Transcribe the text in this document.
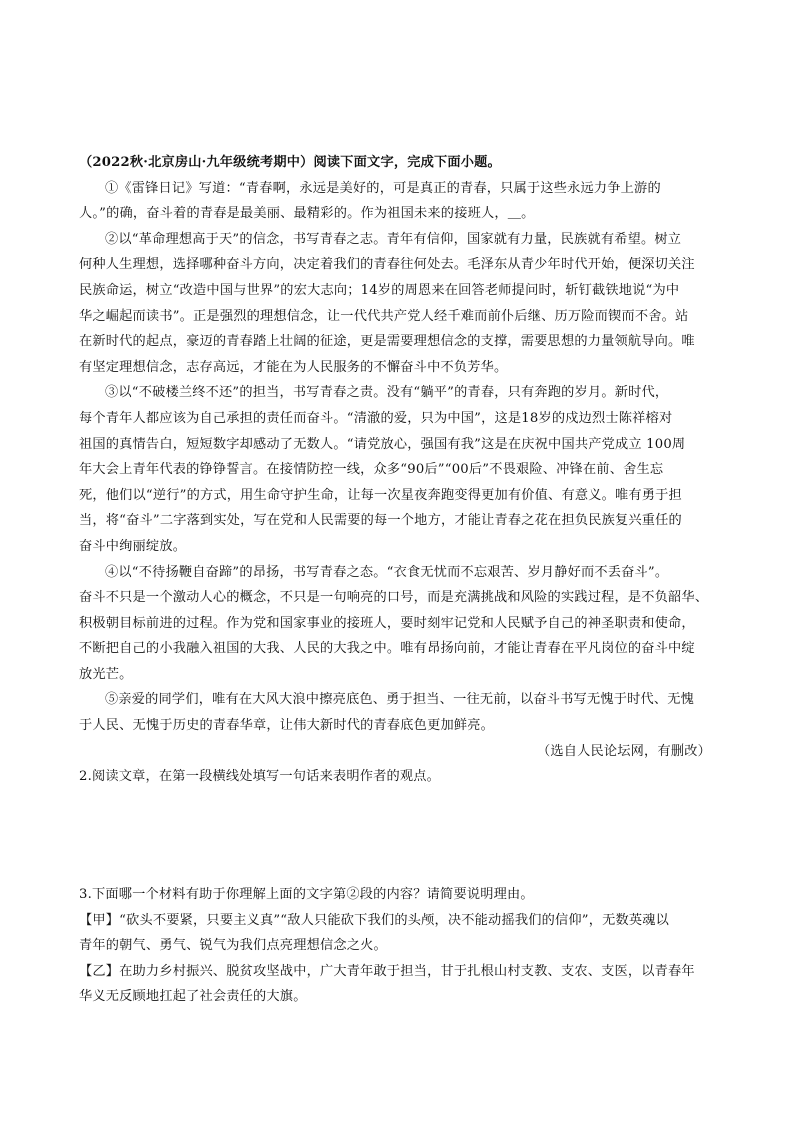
（2022秋·北京房山·九年级统考期中）阅读下面文字，完成下面小题。
①《雷锋日记》写道：“青春啊，永远是美好的，可是真正的青春，只属于这些永远力争上游的
人。”的确，奋斗着的青春是最美丽、最精彩的。作为祖国未来的接班人，＿。
②以“革命理想高于天”的信念，书写青春之志。青年有信仰，国家就有力量，民族就有希望。树立
何种人生理想，选择哪种奋斗方向，决定着我们的青春往何处去。毛泽东从青少年时代开始，便深切关注
民族命运，树立“改造中国与世界”的宏大志向；14岁的周恩来在回答老师提问时，斩钉截铁地说“为中
华之崛起而读书”。正是强烈的理想信念，让一代代共产党人经千难而前仆后继、历万险而锲而不舍。站
在新时代的起点，豪迈的青春踏上壮阔的征途，更是需要理想信念的支撑，需要思想的力量领航导向。唯
有坚定理想信念，志存高远，才能在为人民服务的不懈奋斗中不负芳华。
③以“不破楼兰终不还”的担当，书写青春之责。没有“躺平”的青春，只有奔跑的岁月。新时代，
每个青年人都应该为自己承担的责任而奋斗。“清澈的爱，只为中国”，这是18岁的戍边烈士陈祥榕对
祖国的真情告白，短短数字却感动了无数人。“请党放心，强国有我”这是在庆祝中国共产党成立 100周
年大会上青年代表的铮铮誓言。在接情防控一线，众多“90后”“00后”不畏艰险、冲锋在前、舍生忘
死，他们以“逆行”的方式，用生命守护生命，让每一次星夜奔跑变得更加有价值、有意义。唯有勇于担
当，将“奋斗”二字落到实处，写在党和人民需要的每一个地方，才能让青春之花在担负民族复兴重任的
奋斗中绚丽绽放。
④以“不待扬鞭自奋蹄”的昂扬，书写青春之态。“衣食无忧而不忘艰苦、岁月静好而不丢奋斗”。
奋斗不只是一个激动人心的概念，不只是一句响亮的口号，而是充满挑战和风险的实践过程，是不负韶华、
积极朝目标前进的过程。作为党和国家事业的接班人，要时刻牢记党和人民赋予自己的神圣职责和使命，
不断把自己的小我融入祖国的大我、人民的大我之中。唯有昂扬向前，才能让青春在平凡岗位的奋斗中绽
放光芒。
⑤亲爱的同学们，唯有在大风大浪中擦亮底色、勇于担当、一往无前，以奋斗书写无愧于时代、无愧
于人民、无愧于历史的青春华章，让伟大新时代的青春底色更加鲜亮。
（选自人民论坛网，有删改）
2.阅读文章，在第一段横线处填写一句话来表明作者的观点。
3.下面哪一个材料有助于你理解上面的文字第②段的内容？请简要说明理由。
【甲】“砍头不要紧，只要主义真”“敌人只能砍下我们的头颅，决不能动摇我们的信仰”，无数英魂以
青年的朝气、勇气、锐气为我们点亮理想信念之火。
【乙】在助力乡村振兴、脱贫攻坚战中，广大青年敢于担当，甘于扎根山村支教、支农、支医，以青春年
华义无反顾地扛起了社会责任的大旗。
